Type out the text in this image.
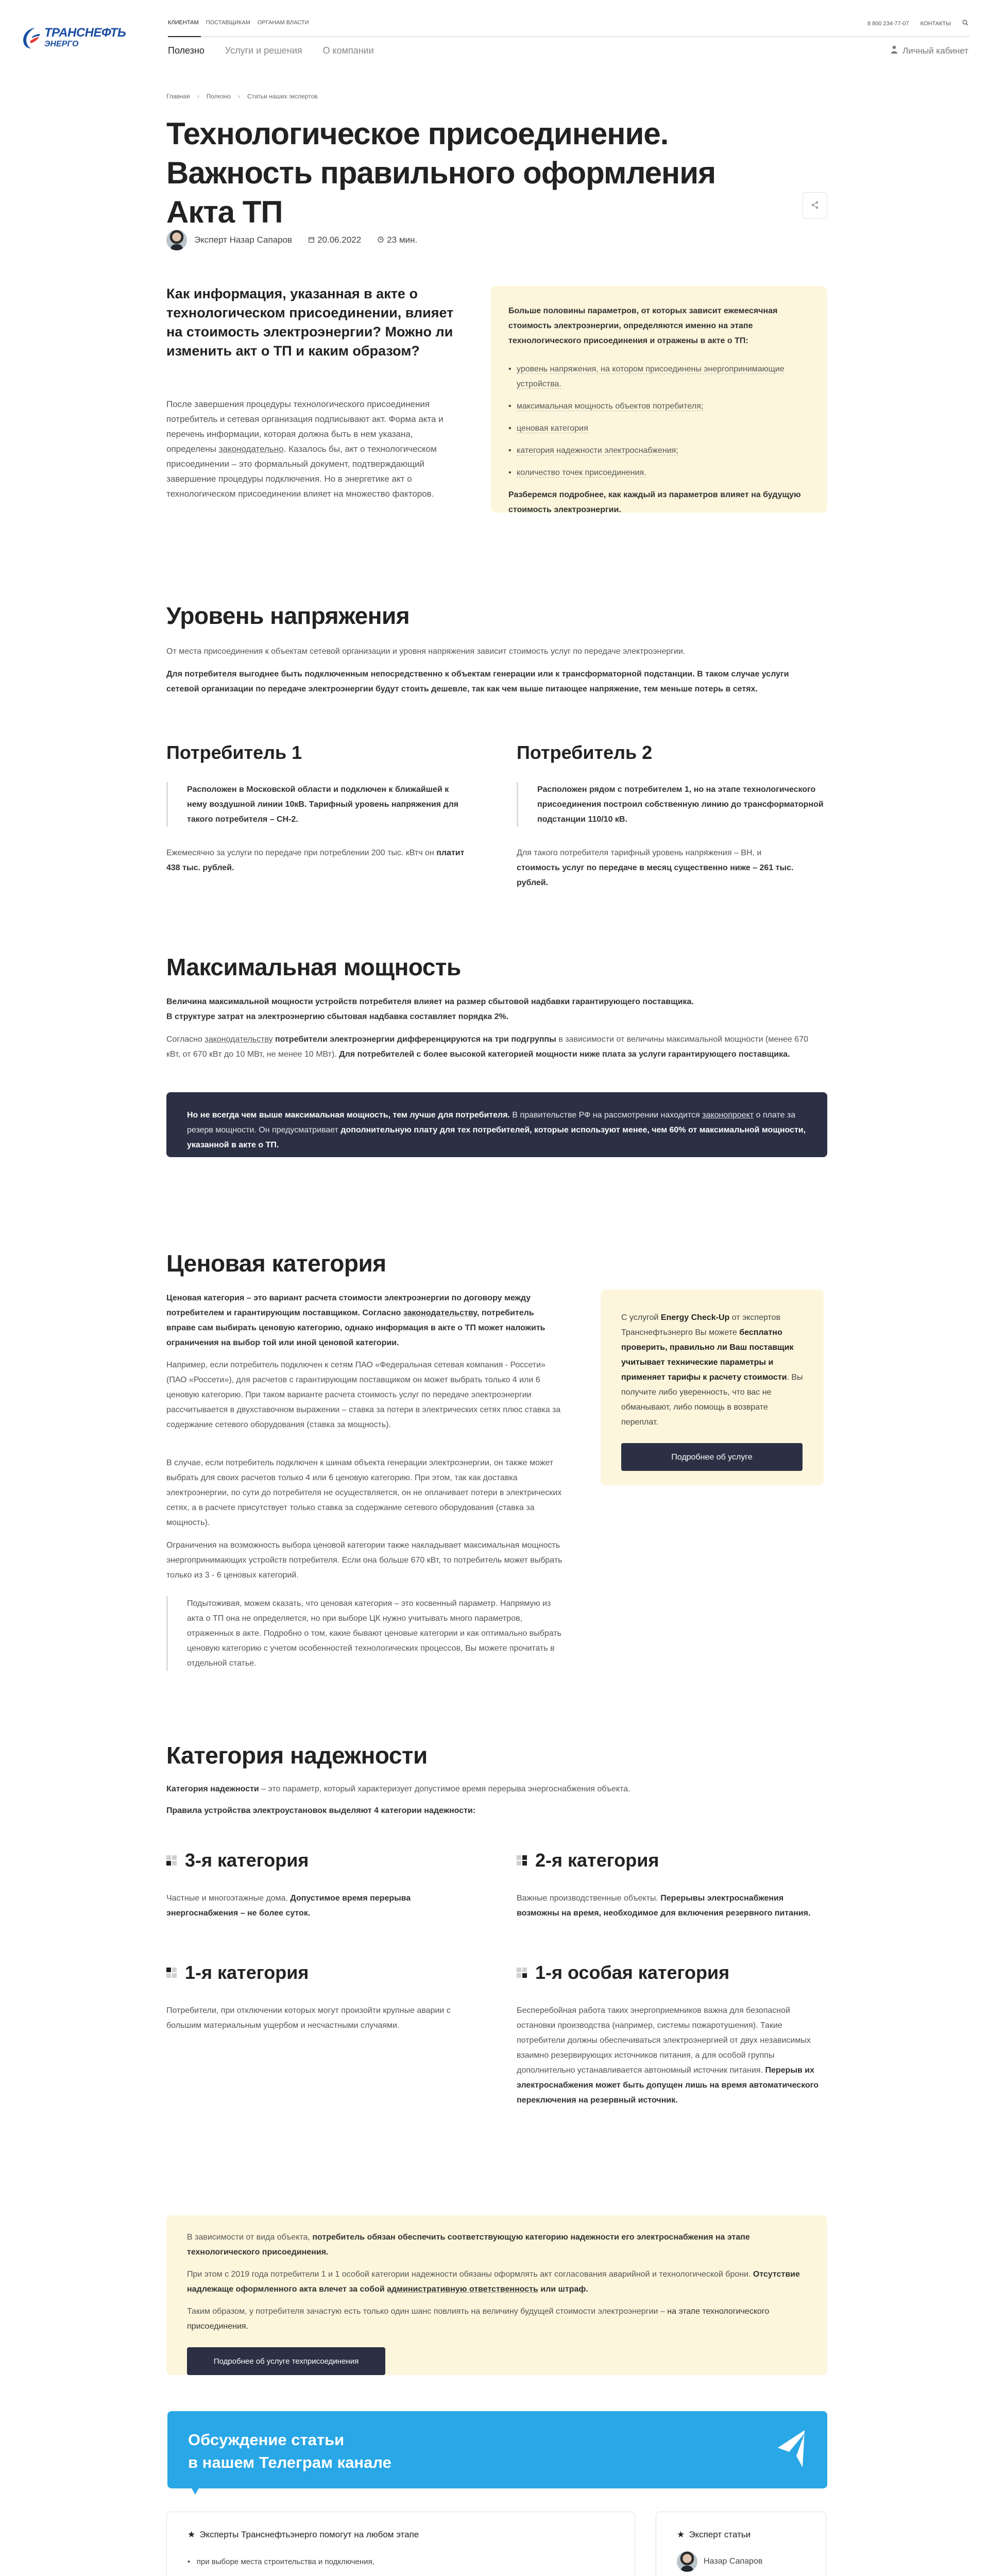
ТРАНСНЕФТЬ
ЭНЕРГО
КЛИЕНТАМ ПОСТАВЩИКАМ ОРГАНАМ ВЛАСТИ	8 800 234-77-07 КОНТАКТЫ
Полезно Услуги и решения О компании	Личный кабинет
Главная › Полезно › Статьи наших экспертов
Технологическое присоединение. Важность правильного оформления Акта ТП
Эксперт Назар Сапаров	20.06.2022	23 мин.
Как информация, указанная в акте о технологическом присоединении, влияет на стоимость электроэнергии? Можно ли изменить акт о ТП и каким образом?

После завершения процедуры технологического присоединения потребитель и сетевая организация подписывают акт. Форма акта и перечень информации, которая должна быть в нем указана, определены законодательно. Казалось бы, акт о технологическом присоединении – это формальный документ, подтверждающий завершение процедуры подключения. Но в энергетике акт о технологическом присоединении влияет на множество факторов.

Больше половины параметров, от которых зависит ежемесячная стоимость электроэнергии, определяются именно на этапе технологического присоединения и отражены в акте о ТП:

• уровень напряжения, на котором присоединены энергопринимающие устройства.
• максимальная мощность объектов потребителя;
• ценовая категория
• категория надежности электроснабжения;
• количество точек присоединения.

Разберемся подробнее, как каждый из параметров влияет на будущую стоимость электроэнергии.

Уровень напряжения

От места присоединения к объектам сетевой организации и уровня напряжения зависит стоимость услуг по передаче электроэнергии.

Для потребителя выгоднее быть подключенным непосредственно к объектам генерации или к трансформаторной подстанции. В таком случае услуги сетевой организации по передаче электроэнергии будут стоить дешевле, так как чем выше питающее напряжение, тем меньше потерь в сетях.

Потребитель 1
Расположен в Московской области и подключен к ближайшей к нему воздушной линии 10кВ. Тарифный уровень напряжения для такого потребителя – СН-2.

Ежемесячно за услуги по передаче при потреблении 200 тыс. кВтч он платит 438 тыс. рублей.

Потребитель 2
Расположен рядом с потребителем 1, но на этапе технологического присоединения построил собственную линию до трансформаторной подстанции 110/10 кВ.

Для такого потребителя тарифный уровень напряжения – ВН, и стоимость услуг по передаче в месяц существенно ниже – 261 тыс. рублей.

Максимальная мощность

Величина максимальной мощности устройств потребителя влияет на размер сбытовой надбавки гарантирующего поставщика.
В структуре затрат на электроэнергию сбытовая надбавка составляет порядка 2%.

Согласно законодательству потребители электроэнергии дифференцируются на три подгруппы в зависимости от величины максимальной мощности (менее 670 кВт, от 670 кВт до 10 МВт, не менее 10 МВт). Для потребителей с более высокой категорией мощности ниже плата за услуги гарантирующего поставщика.

Но не всегда чем выше максимальная мощность, тем лучше для потребителя. В правительстве РФ на рассмотрении находится законопроект о плате за резерв мощности. Он предусматривает дополнительную плату для тех потребителей, которые используют менее, чем 60% от максимальной мощности, указанной в акте о ТП.
Ценовая категория

Ценовая категория – это вариант расчета стоимости электроэнергии по договору между потребителем и гарантирующим поставщиком. Согласно законодательству, потребитель вправе сам выбирать ценовую категорию, однако информация в акте о ТП может наложить ограничения на выбор той или иной ценовой категории.

Например, если потребитель подключен к сетям ПАО «Федеральная сетевая компания - Россети» (ПАО «Россети»), для расчетов с гарантирующим поставщиком он может выбрать только 4 или 6 ценовую категорию. При таком варианте расчета стоимость услуг по передаче электроэнергии рассчитывается в двухставочном выражении – ставка за потери в электрических сетях плюс ставка за содержание сетевого оборудования (ставка за мощность).

В случае, если потребитель подключен к шинам объекта генерации электроэнергии, он также может выбрать для своих расчетов только 4 или 6 ценовую категорию. При этом, так как доставка электроэнергии, по сути до потребителя не осуществляется, он не оплачивает потери в электрических сетях, а в расчете присутствует только ставка за содержание сетевого оборудования (ставка за мощность).

Ограничения на возможность выбора ценовой категории также накладывает максимальная мощность энергопринимающих устройств потребителя. Если она больше 670 кВт, то потребитель может выбрать только из 3 - 6 ценовых категорий.

Подытоживая, можем сказать, что ценовая категория – это косвенный параметр. Напрямую из акта о ТП она не определяется, но при выборе ЦК нужно учитывать много параметров, отраженных в акте. Подробно о том, какие бывают ценовые категории и как оптимально выбрать ценовую категорию с учетом особенностей технологических процессов, Вы можете прочитать в отдельной статье.

С услугой Energy Check-Up от экспертов Транснефтьэнерго Вы можете бесплатно проверить, правильно ли Ваш поставщик учитывает технические параметры и применяет тарифы к расчету стоимости. Вы получите либо уверенность, что вас не обманывают, либо помощь в возврате переплат.

Подробнее об услуге
Категория надежности

Категория надежности – это параметр, который характеризует допустимое время перерыва энергоснабжения объекта.

Правила устройства электроустановок выделяют 4 категории надежности:

3-я категория

Частные и многоэтажные дома. Допустимое время перерыва энергоснабжения – не более суток.

2-я категория

Важные производственные объекты. Перерывы электроснабжения возможны на время, необходимое для включения резервного питания.

1-я категория

Потребители, при отключении которых могут произойти крупные аварии с большим материальным ущербом и несчастными случаями.

1-я особая категория

Бесперебойная работа таких энергоприемников важна для безопасной остановки производства (например, системы пожаротушения). Такие потребители должны обеспечиваться электроэнергией от двух независимых взаимно резервирующих источников питания, а для особой группы дополнительно устанавливается автономный источник питания. Перерыв их электроснабжения может быть допущен лишь на время автоматического переключения на резервный источник.

В зависимости от вида объекта, потребитель обязан обеспечить соответствующую категорию надежности его электроснабжения на этапе технологического присоединения.

При этом с 2019 года потребители 1 и 1 особой категории надежности обязаны оформлять акт согласования аварийной и технологической брони. Отсутствие надлежаще оформленного акта влечет за собой административную ответственность или штраф.

Таким образом, у потребителя зачастую есть только один шанс повлиять на величину будущей стоимости электроэнергии – на этапе технологического присоединения.

Подробнее об услуге техприсоединения
Обсуждение статьи
в нашем Телеграм канале
★ Эксперты Транснефтьэнерго помогут на любом этапе
•   при выборе места строительства и подключения,
★ Эксперт статьи
Назар Сапаров
